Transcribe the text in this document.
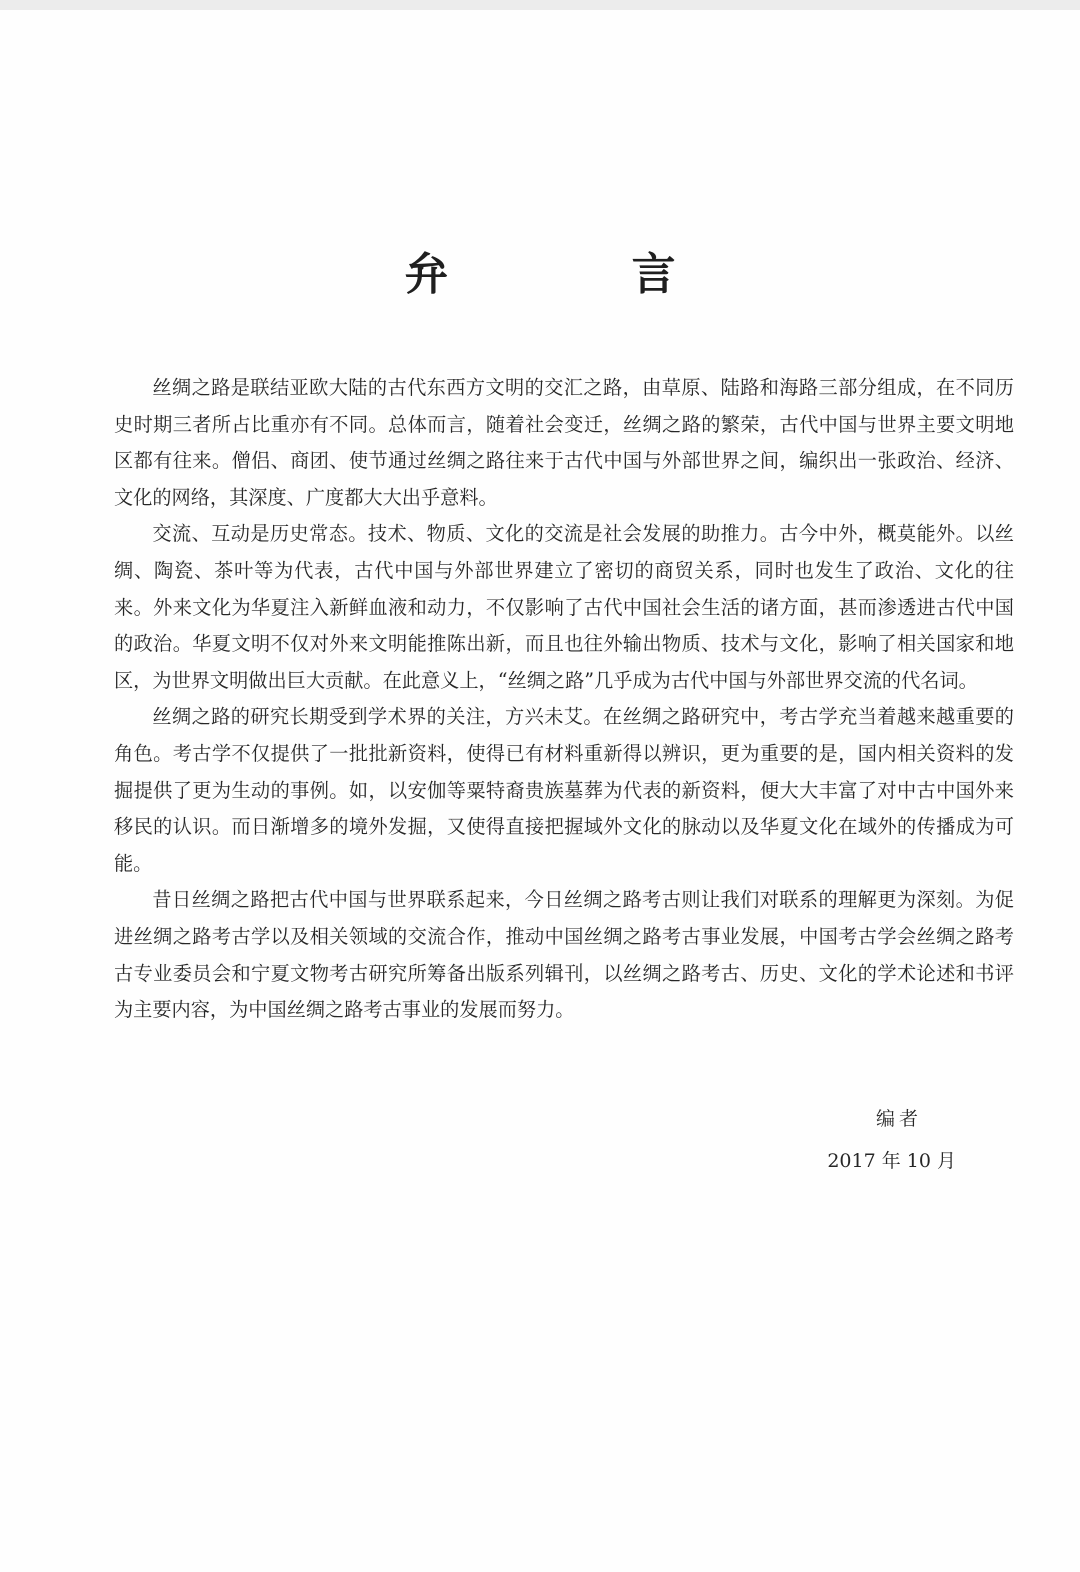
弁 言

丝绸之路是联结亚欧大陆的古代东西方文明的交汇之路，由草原、陆路和海路三部分组成，在不同历史时期三者所占比重亦有不同。总体而言，随着社会变迁，丝绸之路的繁荣，古代中国与世界主要文明地区都有往来。僧侣、商团、使节通过丝绸之路往来于古代中国与外部世界之间，编织出一张政治、经济、文化的网络，其深度、广度都大大出乎意料。

交流、互动是历史常态。技术、物质、文化的交流是社会发展的助推力。古今中外，概莫能外。以丝绸、陶瓷、茶叶等为代表，古代中国与外部世界建立了密切的商贸关系，同时也发生了政治、文化的往来。外来文化为华夏注入新鲜血液和动力，不仅影响了古代中国社会生活的诸方面，甚而渗透进古代中国的政治。华夏文明不仅对外来文明能推陈出新，而且也往外输出物质、技术与文化，影响了相关国家和地区，为世界文明做出巨大贡献。在此意义上，“丝绸之路”几乎成为古代中国与外部世界交流的代名词。

丝绸之路的研究长期受到学术界的关注，方兴未艾。在丝绸之路研究中，考古学充当着越来越重要的角色。考古学不仅提供了一批批新资料，使得已有材料重新得以辨识，更为重要的是，国内相关资料的发掘提供了更为生动的事例。如，以安伽等粟特裔贵族墓葬为代表的新资料，便大大丰富了对中古中国外来移民的认识。而日渐增多的境外发掘，又使得直接把握域外文化的脉动以及华夏文化在域外的传播成为可能。

昔日丝绸之路把古代中国与世界联系起来，今日丝绸之路考古则让我们对联系的理解更为深刻。为促进丝绸之路考古学以及相关领域的交流合作，推动中国丝绸之路考古事业发展，中国考古学会丝绸之路考古专业委员会和宁夏文物考古研究所筹备出版系列辑刊，以丝绸之路考古、历史、文化的学术论述和书评为主要内容，为中国丝绸之路考古事业的发展而努力。

编者
2017 年 10 月
